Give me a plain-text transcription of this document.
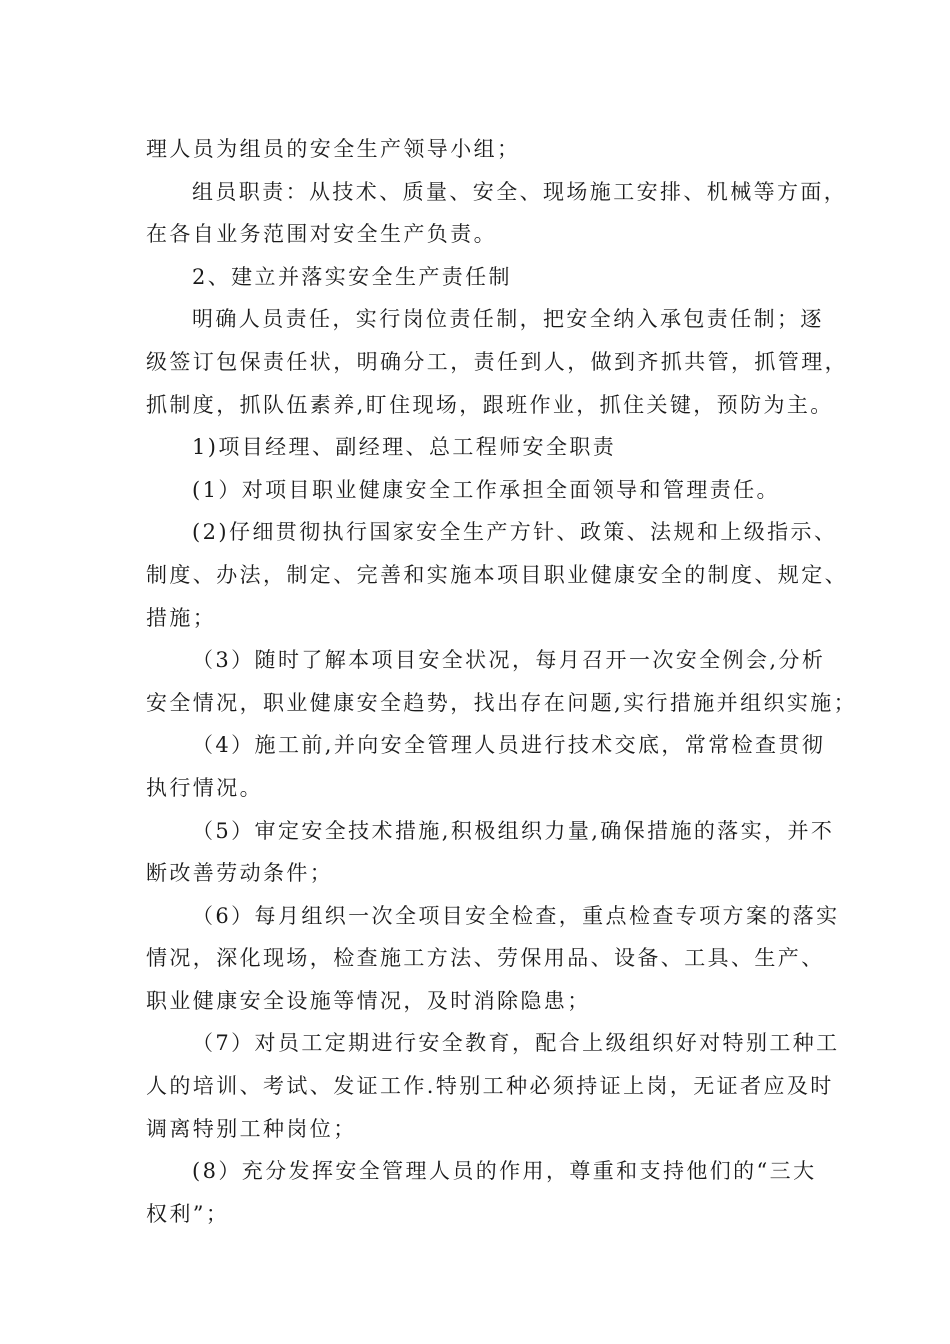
理人员为组员的安全生产领导小组；
组员职责：从技术、质量、安全、现场施工安排、机械等方面，
在各自业务范围对安全生产负责。
2、建立并落实安全生产责任制
明确人员责任，实行岗位责任制，把安全纳入承包责任制；逐
级签订包保责任状，明确分工，责任到人，做到齐抓共管，抓管理，
抓制度，抓队伍素养,盯住现场，跟班作业，抓住关键，预防为主。
1)项目经理、副经理、总工程师安全职责
(1）对项目职业健康安全工作承担全面领导和管理责任。
(2)仔细贯彻执行国家安全生产方针、政策、法规和上级指示、
制度、办法，制定、完善和实施本项目职业健康安全的制度、规定、
措施；
（3）随时了解本项目安全状况，每月召开一次安全例会,分析
安全情况，职业健康安全趋势，找出存在问题,实行措施并组织实施；
（4）施工前,并向安全管理人员进行技术交底，常常检查贯彻
执行情况。
（5）审定安全技术措施,积极组织力量,确保措施的落实，并不
断改善劳动条件；
（6）每月组织一次全项目安全检查，重点检查专项方案的落实
情况，深化现场，检查施工方法、劳保用品、设备、工具、生产、
职业健康安全设施等情况，及时消除隐患；
（7）对员工定期进行安全教育，配合上级组织好对特别工种工
人的培训、考试、发证工作.特别工种必须持证上岗，无证者应及时
调离特别工种岗位；
(8）充分发挥安全管理人员的作用，尊重和支持他们的“三大
权利”；
